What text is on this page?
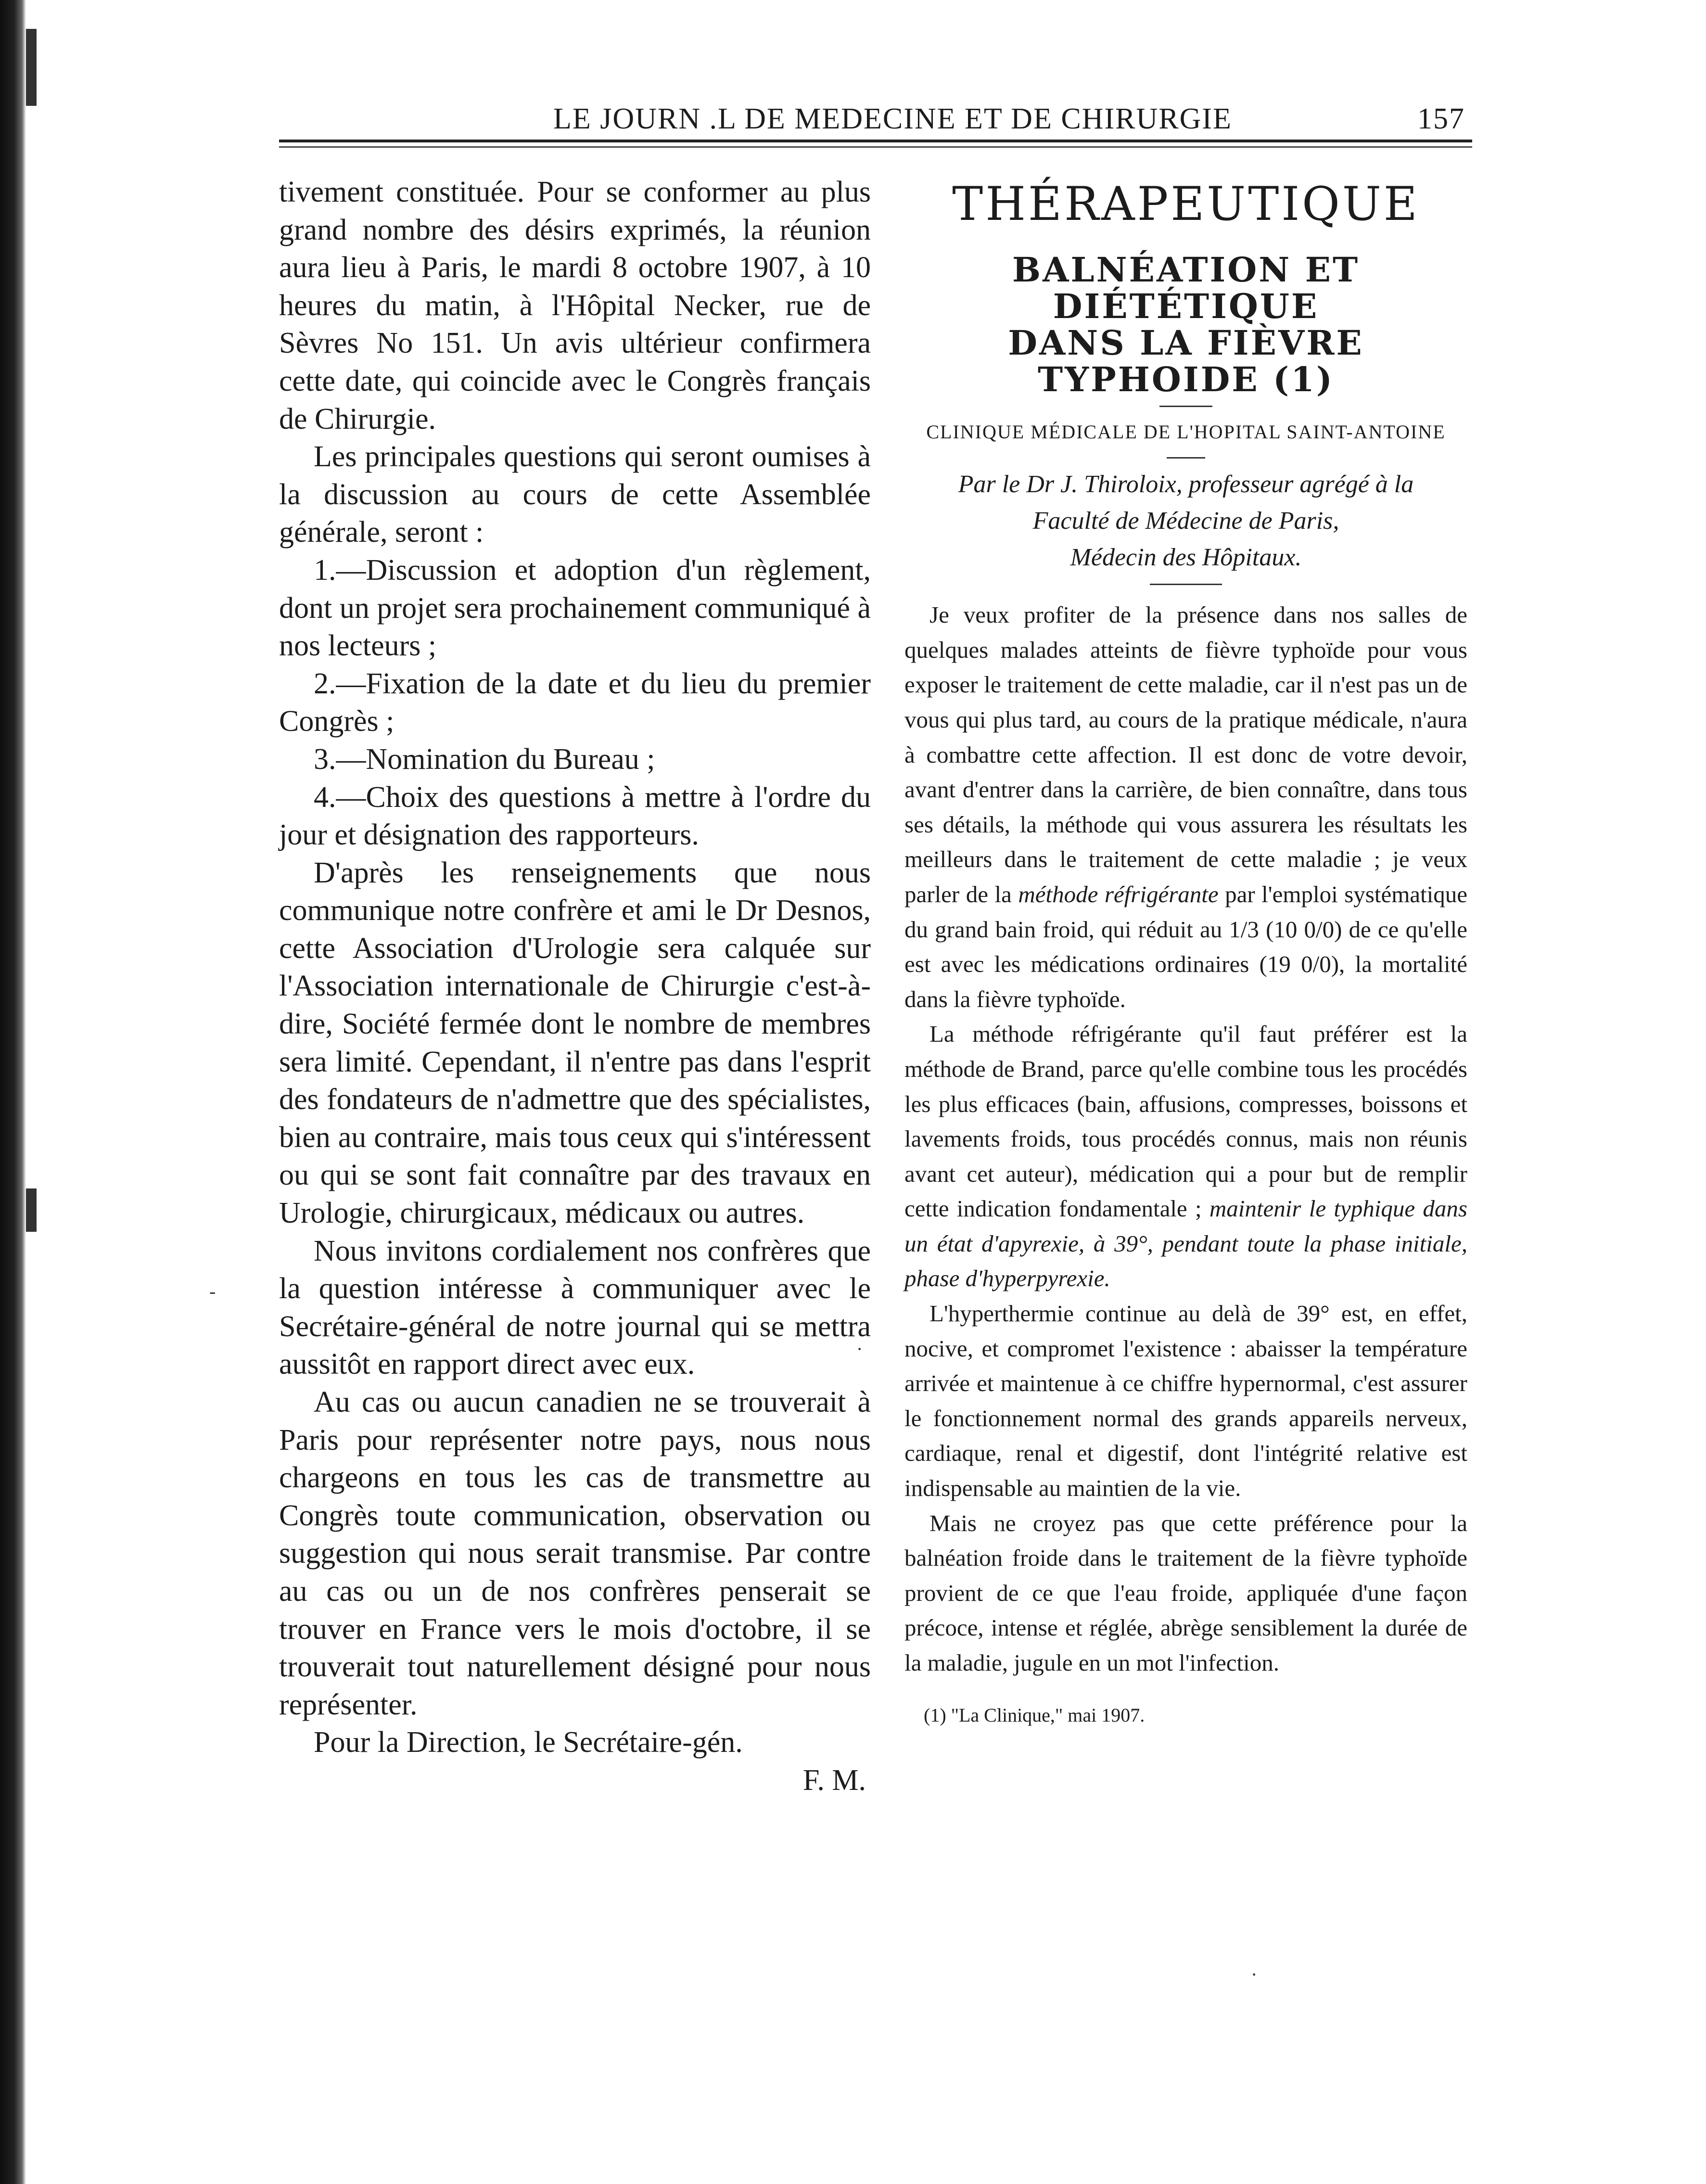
LE JOURN .L DE MEDECINE ET DE CHIRURGIE	157

tivement constituée. Pour se conformer au plus grand nombre des désirs exprimés, la réunion aura lieu à Paris, le mardi 8 octobre 1907, à 10 heures du matin, à l'Hôpital Necker, rue de Sèvres No 151. Un avis ultérieur confirmera cette date, qui coincide avec le Congrès français de Chirurgie.

Les principales questions qui seront oumises à la discussion au cours de cette Assemblée générale, seront :

1.—Discussion et adoption d'un règlement, dont un projet sera prochainement communiqué à nos lecteurs ;

2.—Fixation de la date et du lieu du premier Congrès ;

3.—Nomination du Bureau ;

4.—Choix des questions à mettre à l'ordre du jour et désignation des rapporteurs.

D'après les renseignements que nous communique notre confrère et ami le Dr Desnos, cette Association d'Urologie sera calquée sur l'Association internationale de Chirurgie c'est-à-dire, Société fermée dont le nombre de membres sera limité. Cependant, il n'entre pas dans l'esprit des fondateurs de n'admettre que des spécialistes, bien au contraire, mais tous ceux qui s'intéressent ou qui se sont fait connaître par des travaux en Urologie, chirurgicaux, médicaux ou autres.

Nous invitons cordialement nos confrères que la question intéresse à communiquer avec le Secrétaire-général de notre journal qui se mettra aussitôt en rapport direct avec eux.

Au cas ou aucun canadien ne se trouverait à Paris pour représenter notre pays, nous nous chargeons en tous les cas de transmettre au Congrès toute communication, observation ou suggestion qui nous serait transmise. Par contre au cas ou un de nos confrères penserait se trouver en France vers le mois d'octobre, il se trouverait tout naturellement désigné pour nous représenter.

Pour la Direction, le Secrétaire-gén.

F. M.

THÉRAPEUTIQUE
BALNÉATION ET DIÉTÉTIQUE
DANS LA FIÈVRE
TYPHOIDE (1)
CLINIQUE MÉDICALE DE L'HOPITAL SAINT-ANTOINE
Par le Dr J. Thiroloix, professeur agrégé à la
Faculté de Médecine de Paris,
Médecin des Hôpitaux.

Je veux profiter de la présence dans nos salles de quelques malades atteints de fièvre typhoïde pour vous exposer le traitement de cette maladie, car il n'est pas un de vous qui plus tard, au cours de la pratique médicale, n'aura à combattre cette affection. Il est donc de votre devoir, avant d'entrer dans la carrière, de bien connaître, dans tous ses détails, la méthode qui vous assurera les résultats les meilleurs dans le traitement de cette maladie ; je veux parler de la méthode réfrigérante par l'emploi systématique du grand bain froid, qui réduit au 1/3 (10 0/0) de ce qu'elle est avec les médications ordinaires (19 0/0), la mortalité dans la fièvre typhoïde.

La méthode réfrigérante qu'il faut préférer est la méthode de Brand, parce qu'elle combine tous les procédés les plus efficaces (bain, affusions, compresses, boissons et lavements froids, tous procédés connus, mais non réunis avant cet auteur), médication qui a pour but de remplir cette indication fondamentale ; maintenir le typhique dans un état d'apyrexie, à 39°, pendant toute la phase initiale, phase d'hyperpyrexie.

L'hyperthermie continue au delà de 39° est, en effet, nocive, et compromet l'existence : abaisser la température arrivée et maintenue à ce chiffre hypernormal, c'est assurer le fonctionnement normal des grands appareils nerveux, cardiaque, renal et digestif, dont l'intégrité relative est indispensable au maintien de la vie.

Mais ne croyez pas que cette préférence pour la balnéation froide dans le traitement de la fièvre typhoïde provient de ce que l'eau froide, appliquée d'une façon précoce, intense et réglée, abrège sensiblement la durée de la maladie, jugule en un mot l'infection.

(1) "La Clinique," mai 1907.
-
·
·
